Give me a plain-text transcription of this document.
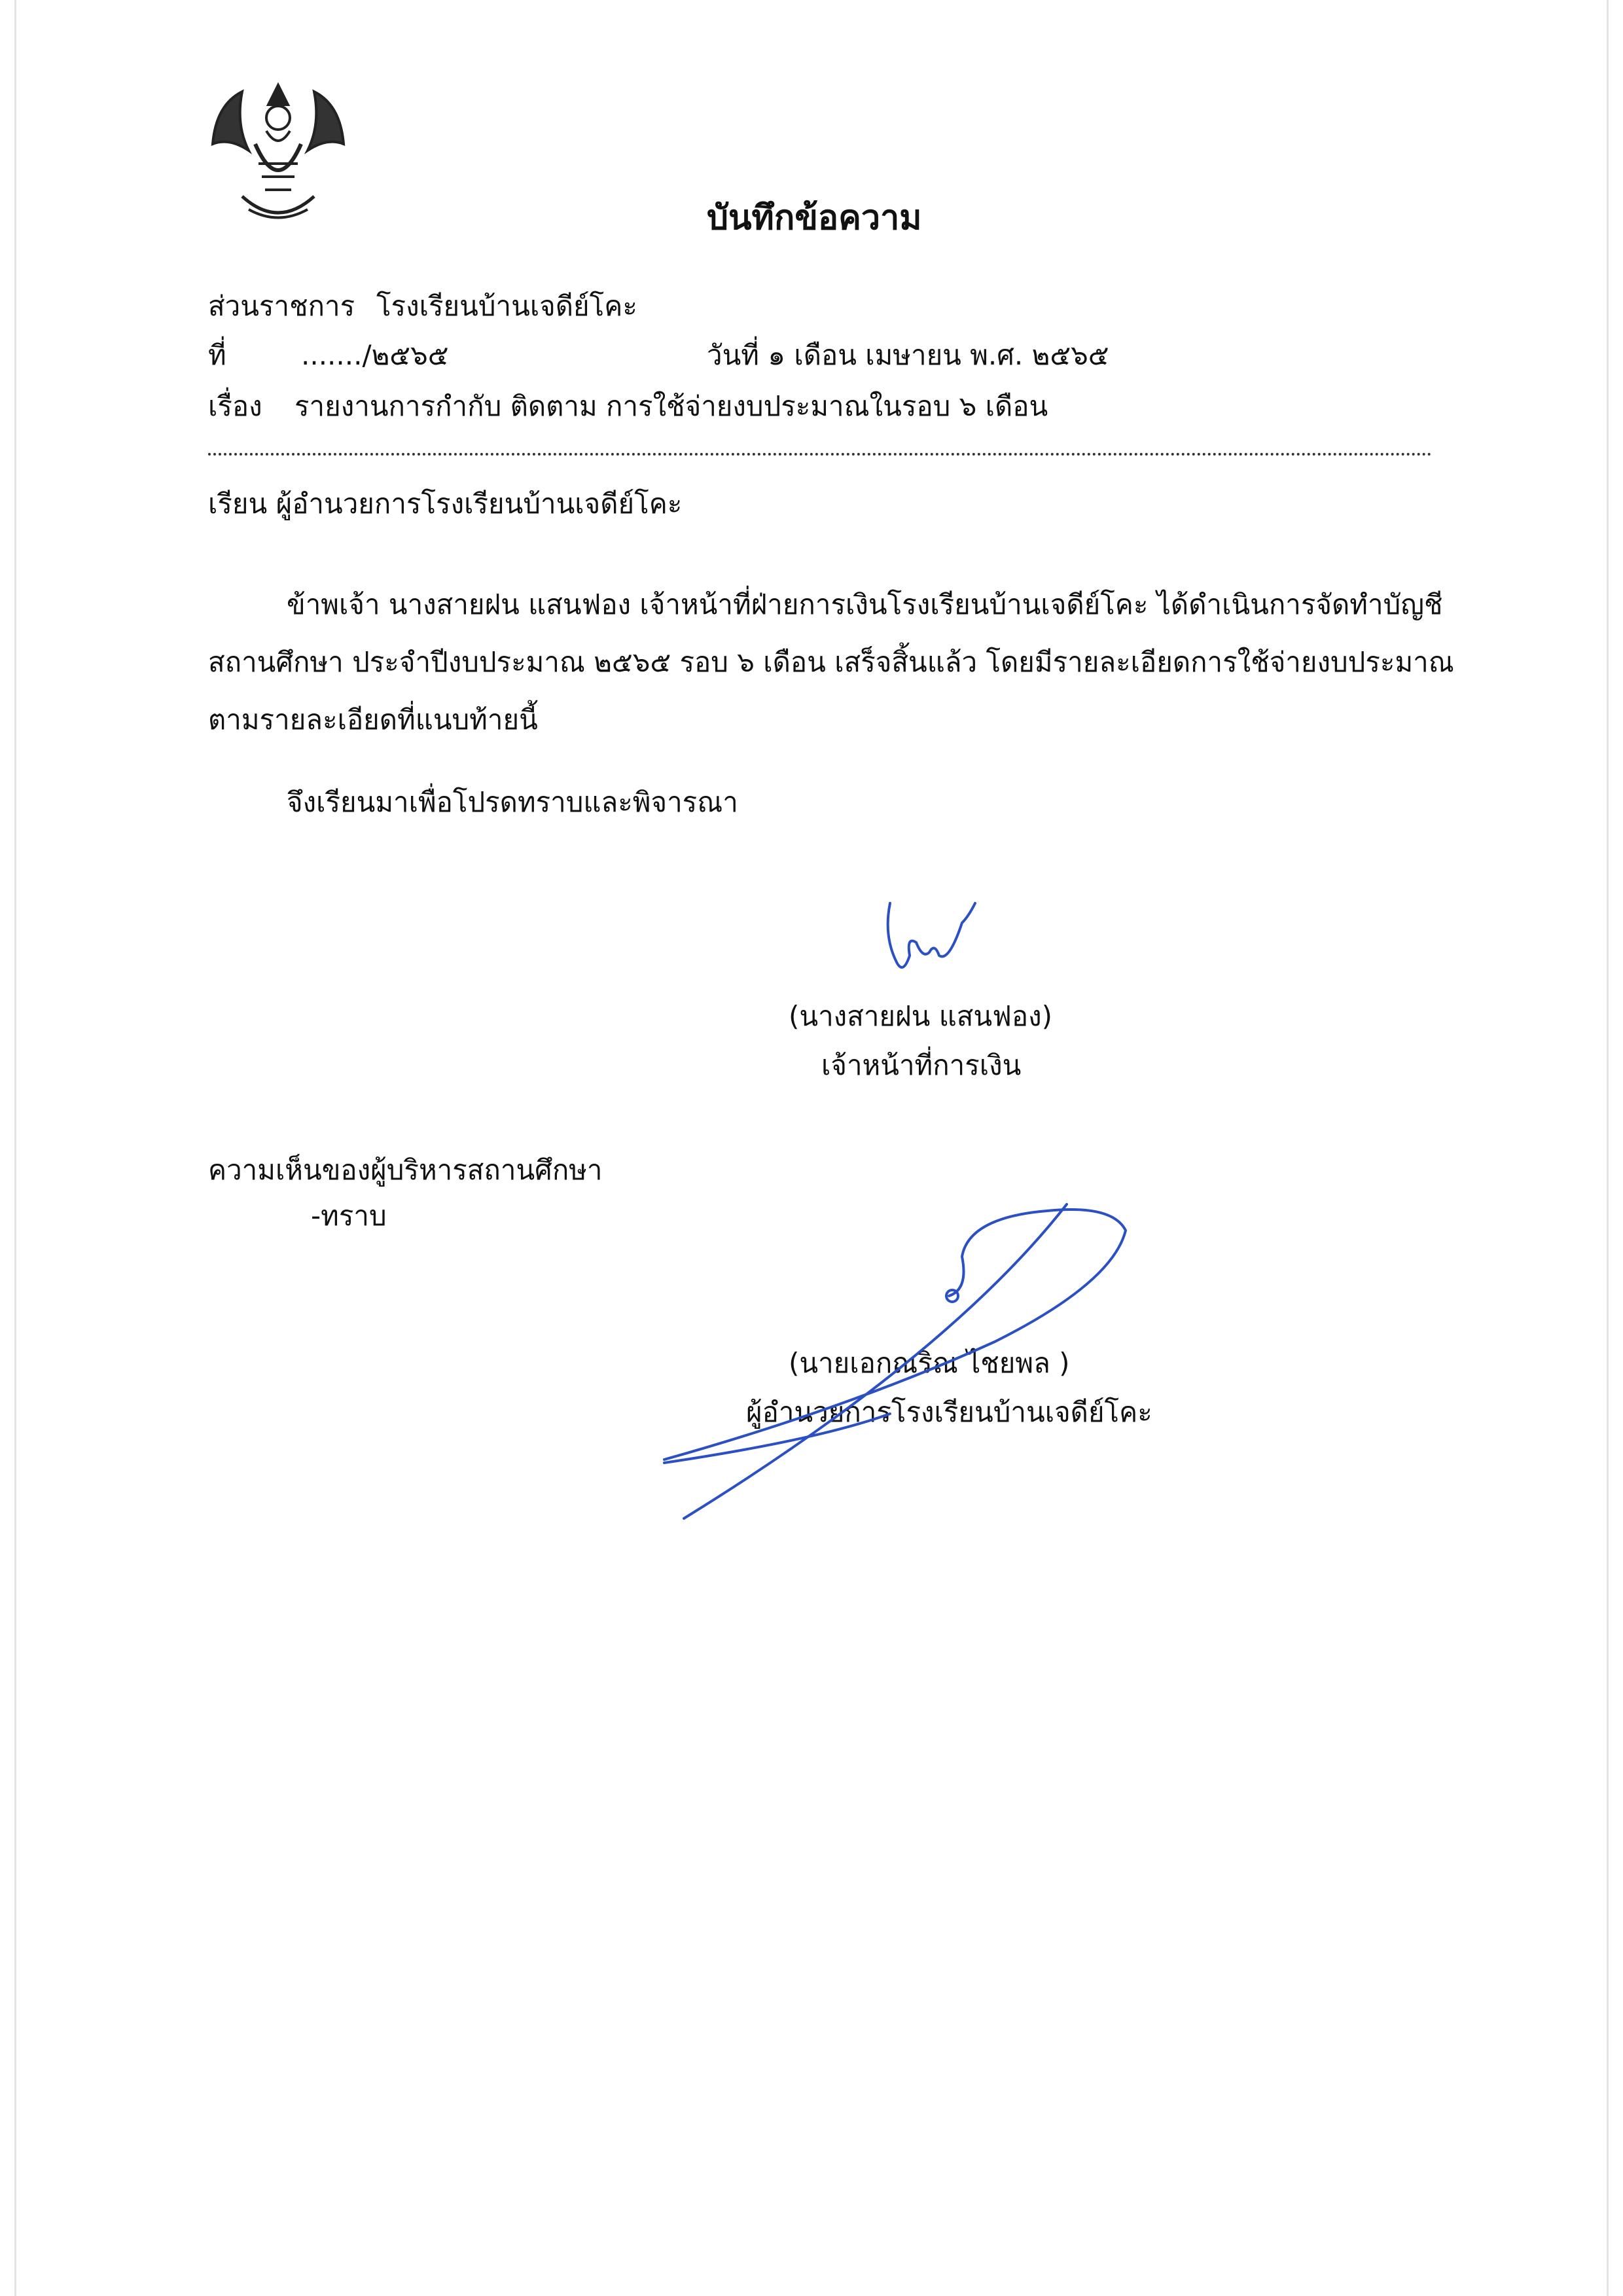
บันทึกข้อความ
ส่วนราชการ โรงเรียนบ้านเจดีย์โคะ
ที่	......./๒๕๖๕	วันที่ ๑ เดือน เมษายน พ.ศ. ๒๕๖๕
เรื่อง รายงานการกำกับ ติดตาม การใช้จ่ายงบประมาณในรอบ ๖ เดือน
เรียน ผู้อำนวยการโรงเรียนบ้านเจดีย์โคะ
ข้าพเจ้า นางสายฝน แสนฟอง เจ้าหน้าที่ฝ่ายการเงินโรงเรียนบ้านเจดีย์โคะ ได้ดำเนินการจัดทำบัญชีสถานศึกษา ประจำปีงบประมาณ ๒๕๖๕ รอบ ๖ เดือน เสร็จสิ้นแล้ว โดยมีรายละเอียดการใช้จ่ายงบประมาณตามรายละเอียดที่แนบท้ายนี้
จึงเรียนมาเพื่อโปรดทราบและพิจารณา
(นางสายฝน แสนฟอง)
เจ้าหน้าที่การเงิน
ความเห็นของผู้บริหารสถานศึกษา
-ทราบ
(นายเอกณริณ ไชยพล )
ผู้อำนวยการโรงเรียนบ้านเจดีย์โคะ
